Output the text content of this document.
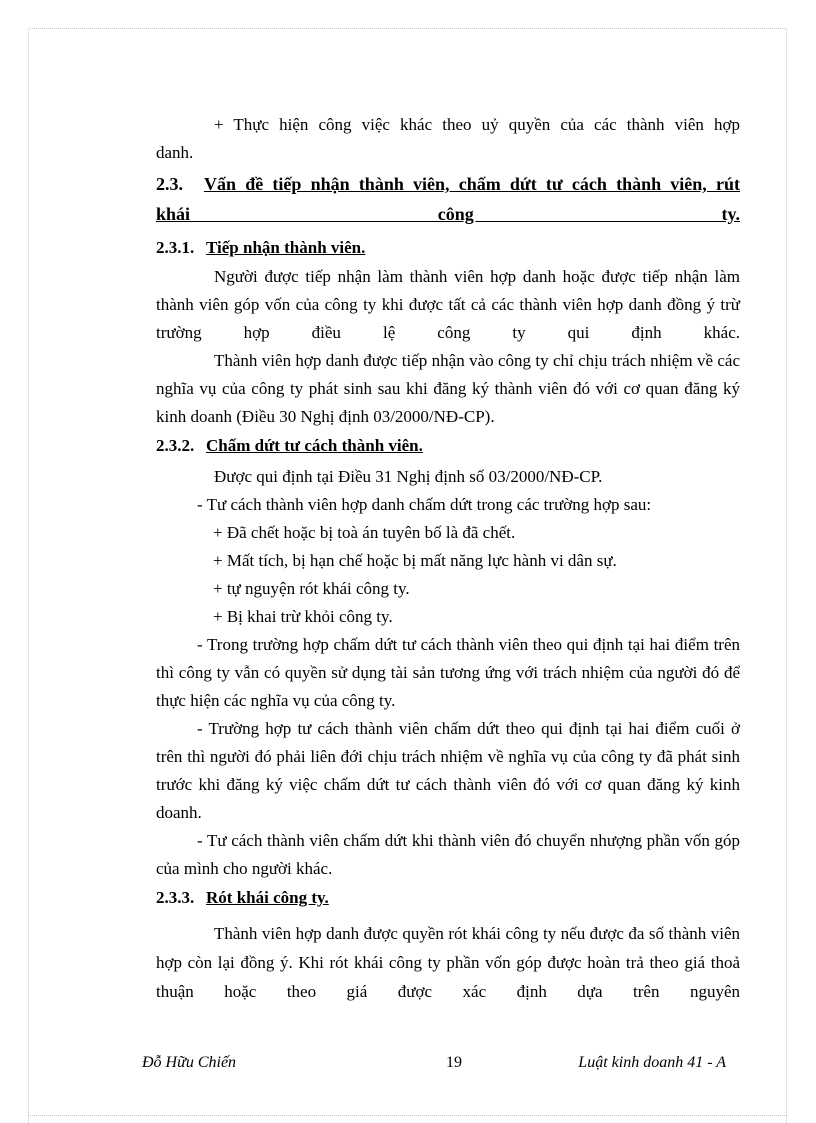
+ Thực hiện công việc khác theo uỷ quyền của các thành viên hợp

danh.

2.3.	Vấn đề tiếp nhận thành viên, chấm dứt tư cách thành viên, rút
khái công ty.
2.3.1. Tiếp nhận thành viên.

Người được tiếp nhận làm thành viên hợp danh hoặc được tiếp nhận làm thành viên góp vốn của công ty khi được tất cả các thành viên hợp danh đồng ý trừ trường hợp điều lệ công ty qui định khác.

Thành viên hợp danh được tiếp nhận vào công ty chỉ chịu trách nhiệm về các nghĩa vụ của công ty phát sinh sau khi đăng ký thành viên đó với cơ quan đăng ký kinh doanh (Điều 30 Nghị định 03/2000/NĐ-CP).

2.3.2. Chấm dứt tư cách thành viên.

Được qui định tại Điều 31 Nghị định số 03/2000/NĐ-CP.

- Tư cách thành viên hợp danh chấm dứt trong các trường hợp sau:

+ Đã chết hoặc bị toà án tuyên bố là đã chết.

+ Mất tích, bị hạn chế hoặc bị mất năng lực hành vi dân sự.

+ tự nguyện rót khái công ty.

+ Bị khai trừ khỏi công ty.

- Trong trường hợp chấm dứt tư cách thành viên theo qui định tại hai điểm trên thì công ty vẫn có quyền sử dụng tài sản tương ứng với trách nhiệm của người đó để thực hiện các nghĩa vụ của công ty.

- Trường hợp tư cách thành viên chấm dứt theo qui định tại hai điểm cuối ở trên thì người đó phải liên đới chịu trách nhiệm về nghĩa vụ của công ty đã phát sinh trước khi đăng ký việc chấm dứt tư cách thành viên đó với cơ quan đăng ký kinh doanh.

- Tư cách thành viên chấm dứt khi thành viên đó chuyển nhượng phần vốn góp của mình cho người khác.

2.3.3. Rót khái công ty.

Thành viên hợp danh được quyền rót khái công ty nếu được đa số thành viên hợp còn lại đồng ý. Khi rót khái công ty phần vốn góp được hoàn trả theo giá thoả thuận hoặc theo giá được xác định dựa trên nguyên

Đỗ Hữu Chiến	19	Luật kinh doanh 41 - A
